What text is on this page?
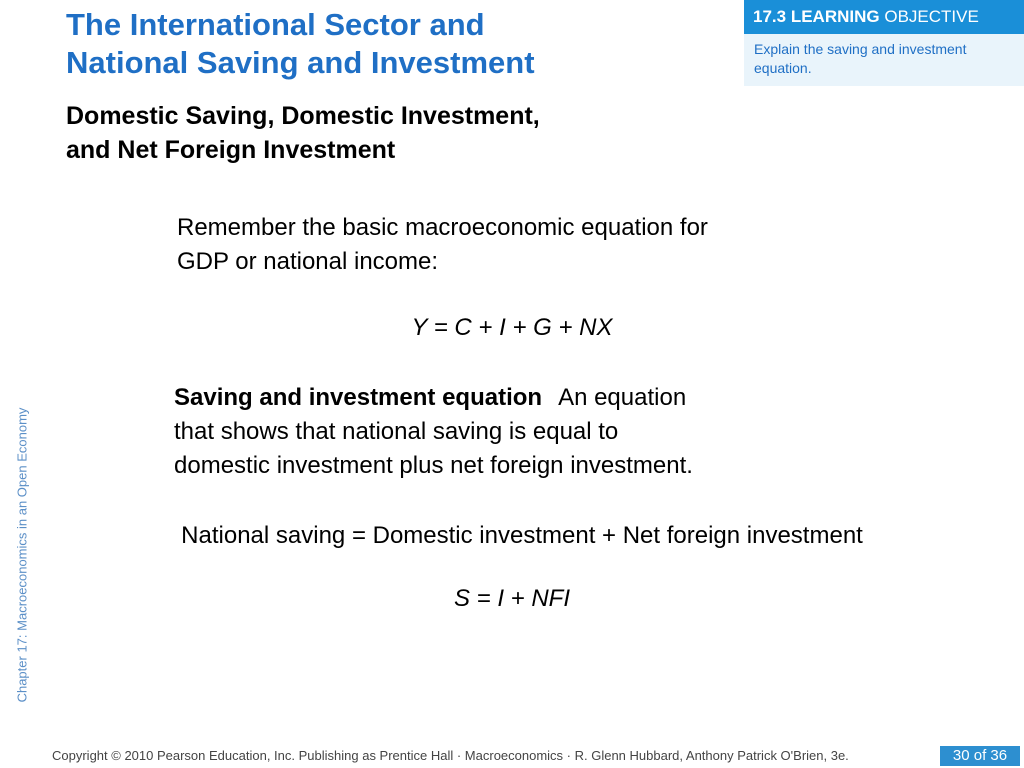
The International Sector and
National Saving and Investment
17.3 LEARNING OBJECTIVE
Explain the saving and investment equation.
Domestic Saving, Domestic Investment,
and Net Foreign Investment

Remember the basic macroeconomic equation for
GDP or national income:

Y = C + I + G + NX

Saving and investment equation An equation
that shows that national saving is equal to
domestic investment plus net foreign investment.

National saving = Domestic investment + Net foreign investment

S = I + NFI

Chapter 17: Macroeconomics in an Open Economy
Copyright © 2010 Pearson Education, Inc. Publishing as Prentice Hall · Macroeconomics · R. Glenn Hubbard, Anthony Patrick O'Brien, 3e.	30 of 36
